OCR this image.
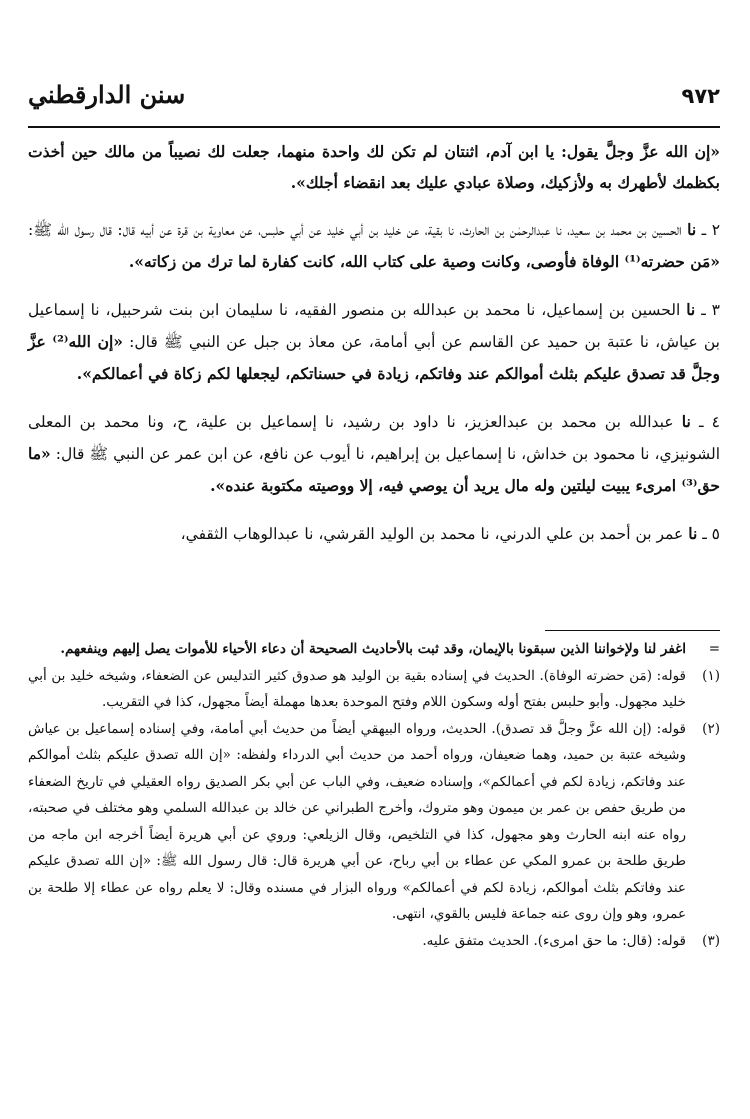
٩٧٢
سنن الدارقطني

«إن الله عزَّ وجلَّ يقول: يا ابن آدم، اثنتان لم تكن لك واحدة منهما، جعلت لك نصيباً من مالك حين أخذت بكظمك لأطهرك به ولأزكيك، وصلاة عبادي عليك بعد انقضاء أجلك».

٢ ـ نا الحسين بن محمد بن سعيد، نا عبدالرحمٰن بن الحارث، نا بقية، عن خليد بن أبي خليد عن أبي حلبس، عن معاوية بن قرة عن أبيه قال: قال رسول الله ﷺ: «مَن حضرته⁽¹⁾ الوفاة فأوصى، وكانت وصية على كتاب الله، كانت كفارة لما ترك من زكاته».

٣ ـ نا الحسين بن إسماعيل، نا محمد بن عبدالله بن منصور الفقيه، نا سليمان ابن بنت شرحبيل، نا إسماعيل بن عياش، نا عتبة بن حميد عن القاسم عن أبي أمامة، عن معاذ بن جبل عن النبي ﷺ قال: «إن الله⁽²⁾ عزَّ وجلَّ قد تصدق عليكم بثلث أموالكم عند وفاتكم، زيادة في حسناتكم، ليجعلها لكم زكاة في أعمالكم».

٤ ـ نا عبدالله بن محمد بن عبدالعزيز، نا داود بن رشيد، نا إسماعيل بن علية، ح، ونا محمد بن المعلى الشونيزي، نا محمود بن خداش، نا إسماعيل بن إبراهيم، نا أيوب عن نافع، عن ابن عمر عن النبي ﷺ قال: «ما حق⁽³⁾ امرىء يبيت ليلتين وله مال يريد أن يوصي فيه، إلا ووصيته مكتوبة عنده».

٥ ـ نا عمر بن أحمد بن علي الدرني، نا محمد بن الوليد القرشي، نا عبدالوهاب الثقفي،

=
اغفر لنا ولإخواننا الذين سبقونا بالإيمان، وقد ثبت بالأحاديث الصحيحة أن دعاء الأحياء للأموات يصل إليهم وينفعهم.

(١)
قوله: (مَن حضرته الوفاة). الحديث في إسناده بقية بن الوليد هو صدوق كثير التدليس عن الضعفاء، وشيخه خليد بن أبي خليد مجهول. وأبو حلبس بفتح أوله وسكون اللام وفتح الموحدة بعدها مهملة أيضاً مجهول، كذا في التقريب.

(٢)
قوله: (إن الله عزَّ وجلَّ قد تصدق). الحديث، ورواه البيهقي أيضاً من حديث أبي أمامة، وفي إسناده إسماعيل بن عياش وشيخه عتبة بن حميد، وهما ضعيفان، ورواه أحمد من حديث أبي الدرداء ولفظه: «إن الله تصدق عليكم بثلث أموالكم عند وفاتكم، زيادة لكم في أعمالكم»، وإسناده ضعيف، وفي الباب عن أبي بكر الصديق رواه العقيلي في تاريخ الضعفاء من طريق حفص بن عمر بن ميمون وهو متروك، وأخرج الطبراني عن خالد بن عبدالله السلمي وهو مختلف في صحبته، رواه عنه ابنه الحارث وهو مجهول، كذا في التلخيص، وقال الزيلعي: وروي عن أبي هريرة أيضاً أخرجه ابن ماجه من طريق طلحة بن عمرو المكي عن عطاء بن أبي رباح، عن أبي هريرة قال: قال رسول الله ﷺ: «إن الله تصدق عليكم عند وفاتكم بثلث أموالكم، زيادة لكم في أعمالكم» ورواه البزار في مسنده وقال: لا يعلم رواه عن عطاء إلا طلحة بن عمرو، وهو وإن روى عنه جماعة فليس بالقوي، انتهى.

(٣)
قوله: (قال: ما حق امرىء). الحديث متفق عليه.
